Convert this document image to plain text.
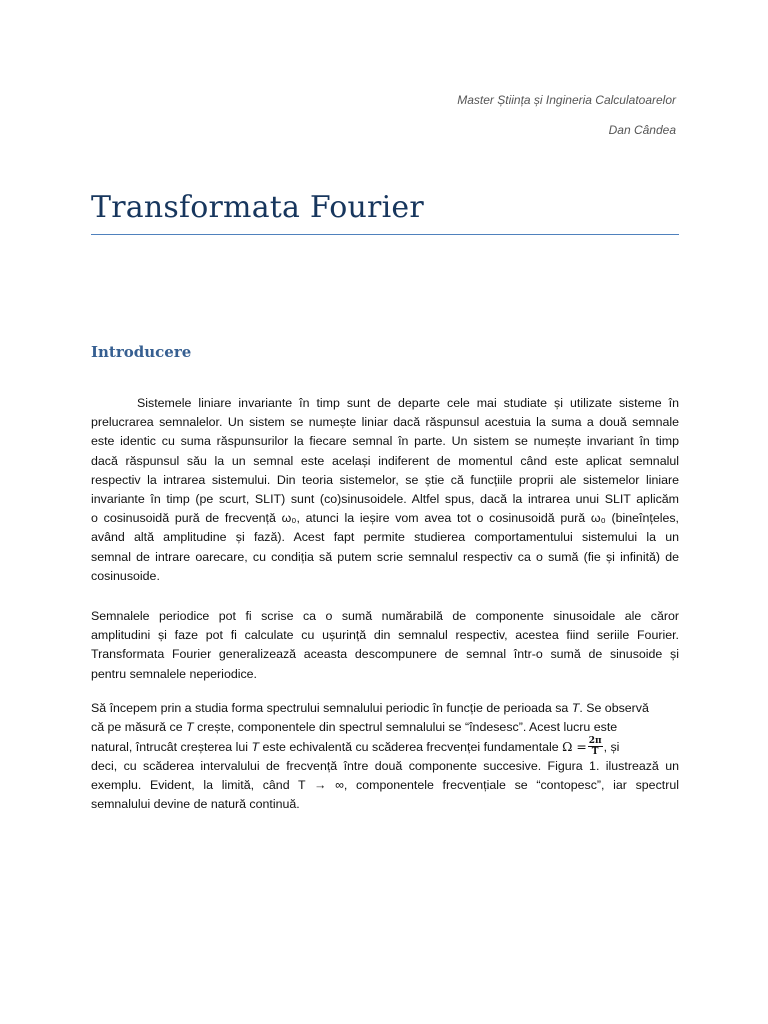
Master Știința și Ingineria Calculatoarelor
Dan Cândea
Transformata Fourier
Introducere
Sistemele liniare invariante în timp sunt de departe cele mai studiate și utilizate sisteme în
prelucrarea semnalelor. Un sistem se numește liniar dacă răspunsul acestuia la suma a două semnale
este identic cu suma răspunsurilor la fiecare semnal în parte. Un sistem se numește invariant în timp
dacă răspunsul său la un semnal este același indiferent de momentul când este aplicat semnalul
respectiv la intrarea sistemului. Din teoria sistemelor, se știe că funcțiile proprii ale sistemelor liniare
invariante în timp (pe scurt, SLIT) sunt (co)sinusoidele. Altfel spus, dacă la intrarea unui SLIT aplicăm
o cosinusoidă pură de frecvență ω₀, atunci la ieșire vom avea tot o cosinusoidă pură ω₀ (bineînțeles,
având altă amplitudine și fază). Acest fapt permite studierea comportamentului sistemului la un
semnal de intrare oarecare, cu condiția să putem scrie semnalul respectiv ca o sumă (fie și infinită) de
cosinusoide.
Semnalele periodice pot fi scrise ca o sumă numărabilă de componente sinusoidale ale căror
amplitudini și faze pot fi calculate cu ușurință din semnalul respectiv, acestea fiind seriile Fourier.
Transformata Fourier generalizează aceasta descompunere de semnal într-o sumă de sinusoide și
pentru semnalele neperiodice.
Să începem prin a studia forma spectrului semnalului periodic în funcție de perioada sa T. Se observă
că pe măsură ce T crește, componentele din spectrul semnalului se “îndesesc”. Acest lucru este
natural, întrucât creșterea lui T este echivalentă cu scăderea frecvenței fundamentale $\Omega = \frac{2\pi}{T}$ , și
deci, cu scăderea intervalului de frecvență între două componente succesive. Figura 1. ilustrează un
exemplu. Evident, la limită, când T → ∞, componentele frecvențiale se “contopesc”, iar spectrul
semnalului devine de natură continuă.
